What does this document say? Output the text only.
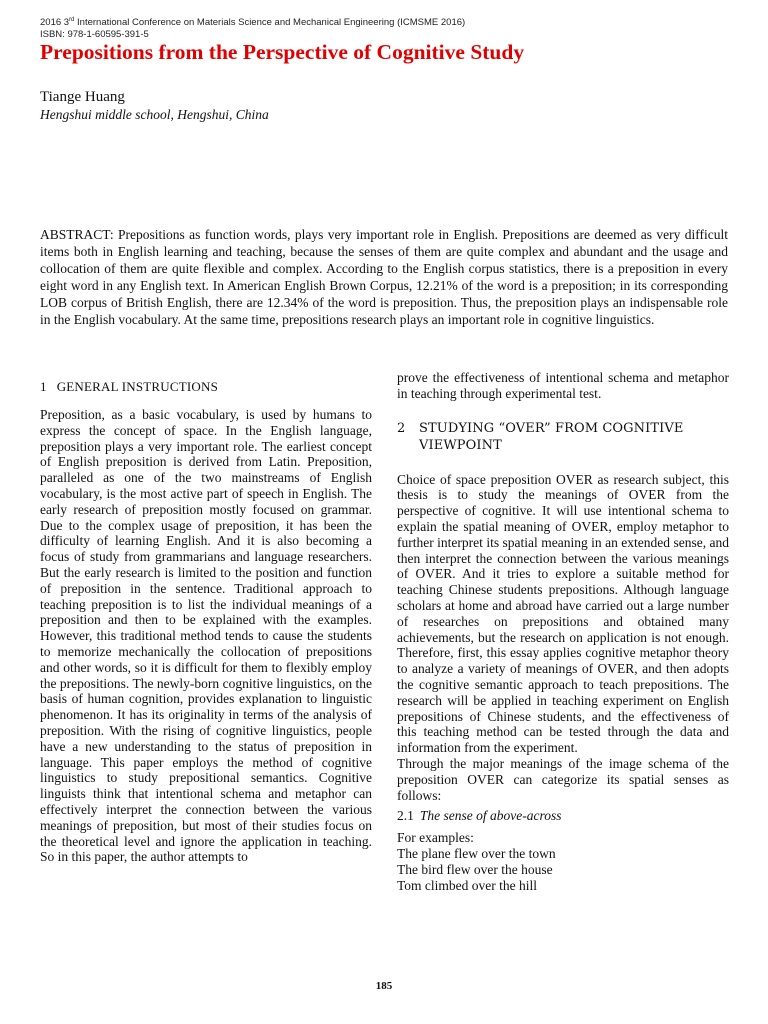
2016 3rd International Conference on Materials Science and Mechanical Engineering (ICMSME 2016)
ISBN: 978-1-60595-391-5
Prepositions from the Perspective of Cognitive Study
Tiange Huang
Hengshui middle school, Hengshui, China

ABSTRACT: Prepositions as function words, plays very important role in English. Prepositions are deemed as very difficult items both in English learning and teaching, because the senses of them are quite complex and abundant and the usage and collocation of them are quite flexible and complex. According to the English corpus statistics, there is a preposition in every eight word in any English text. In American English Brown Corpus, 12.21% of the word is a preposition; in its corresponding LOB corpus of British English, there are 12.34% of the word is preposition. Thus, the preposition plays an indispensable role in the English vocabulary. At the same time, prepositions research plays an important role in cognitive linguistics.

1 GENERAL INSTRUCTIONS

Preposition, as a basic vocabulary, is used by humans to express the concept of space. In the English language, preposition plays a very important role. The earliest concept of English preposition is derived from Latin. Preposition, paralleled as one of the two mainstreams of English vocabulary, is the most active part of speech in English. The early research of preposition mostly focused on grammar. Due to the complex usage of preposition, it has been the difficulty of learning English. And it is also becoming a focus of study from grammarians and language researchers. But the early research is limited to the position and function of preposition in the sentence. Traditional approach to teaching preposition is to list the individual meanings of a preposition and then to be explained with the examples. However, this traditional method tends to cause the students to memorize mechanically the collocation of prepositions and other words, so it is difficult for them to flexibly employ the prepositions. The newly-born cognitive linguistics, on the basis of human cognition, provides explanation to linguistic phenomenon. It has its originality in terms of the analysis of preposition. With the rising of cognitive linguistics, people have a new understanding to the status of preposition in language. This paper employs the method of cognitive linguistics to study prepositional semantics. Cognitive linguists think that intentional schema and metaphor can effectively interpret the connection between the various meanings of preposition, but most of their studies focus on the theoretical level and ignore the application in teaching. So in this paper, the author attempts to

prove the effectiveness of intentional schema and metaphor in teaching through experimental test.

2 STUDYING “OVER” FROM COGNITIVE VIEWPOINT

Choice of space preposition OVER as research subject, this thesis is to study the meanings of OVER from the perspective of cognitive. It will use intentional schema to explain the spatial meaning of OVER, employ metaphor to further interpret its spatial meaning in an extended sense, and then interpret the connection between the various meanings of OVER. And it tries to explore a suitable method for teaching Chinese students prepositions. Although language scholars at home and abroad have carried out a large number of researches on prepositions and obtained many achievements, but the research on application is not enough. Therefore, first, this essay applies cognitive metaphor theory to analyze a variety of meanings of OVER, and then adopts the cognitive semantic approach to teach prepositions. The research will be applied in teaching experiment on English prepositions of Chinese students, and the effectiveness of this teaching method can be tested through the data and information from the experiment.

Through the major meanings of the image schema of the preposition OVER can categorize its spatial senses as follows:

2.1 The sense of above-across

For examples:

The plane flew over the town

The bird flew over the house

Tom climbed over the hill

185
